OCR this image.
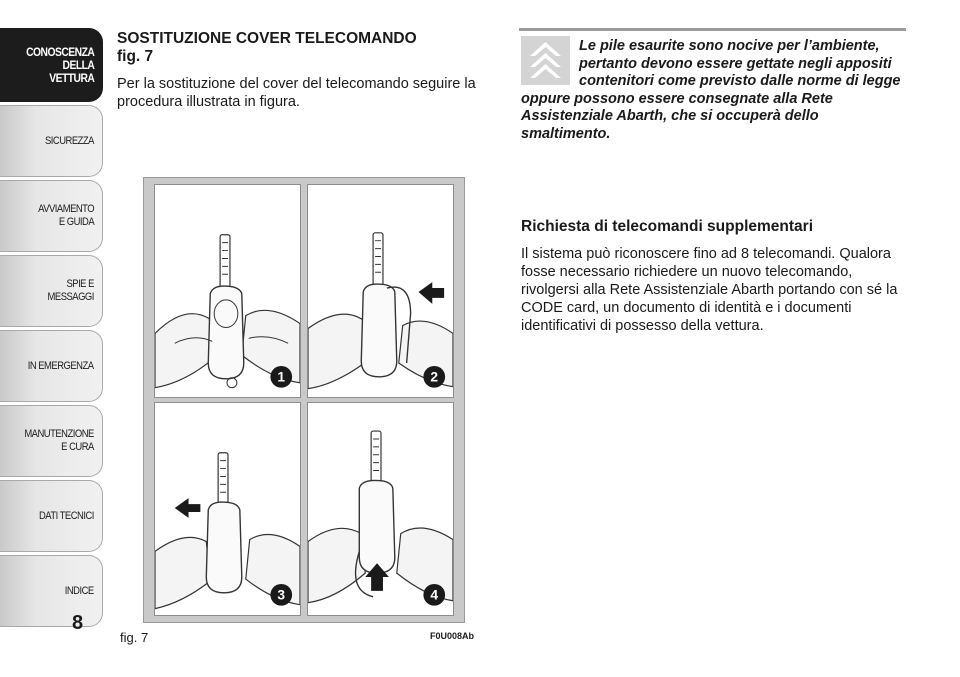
CONOSCENZA
DELLA
VETTURA
SICUREZZA
AVVIAMENTO
E GUIDA
SPIE E
MESSAGGI
IN EMERGENZA
MANUTENZIONE
E CURA
DATI TECNICI
INDICE
8
SOSTITUZIONE COVER TELECOMANDO

fig. 7

Per la sostituzione del cover del telecomando seguire la procedura illustrata in figura.

1	2
3	4
fig. 7	F0U008Ab

Le pile esaurite sono nocive per l’ambiente, pertanto devono essere gettate negli appositi contenitori come previsto dalle norme di legge oppure possono essere consegnate alla Rete Assistenziale Abarth, che si occuperà dello smaltimento.

Richiesta di telecomandi supplementari

Il sistema può riconoscere fino ad 8 telecomandi. Qualora fosse necessario richiedere un nuovo telecomando, rivolgersi alla Rete Assistenziale Abarth portando con sé la CODE card, un documento di identità e i documenti identificativi di possesso della vettura.
